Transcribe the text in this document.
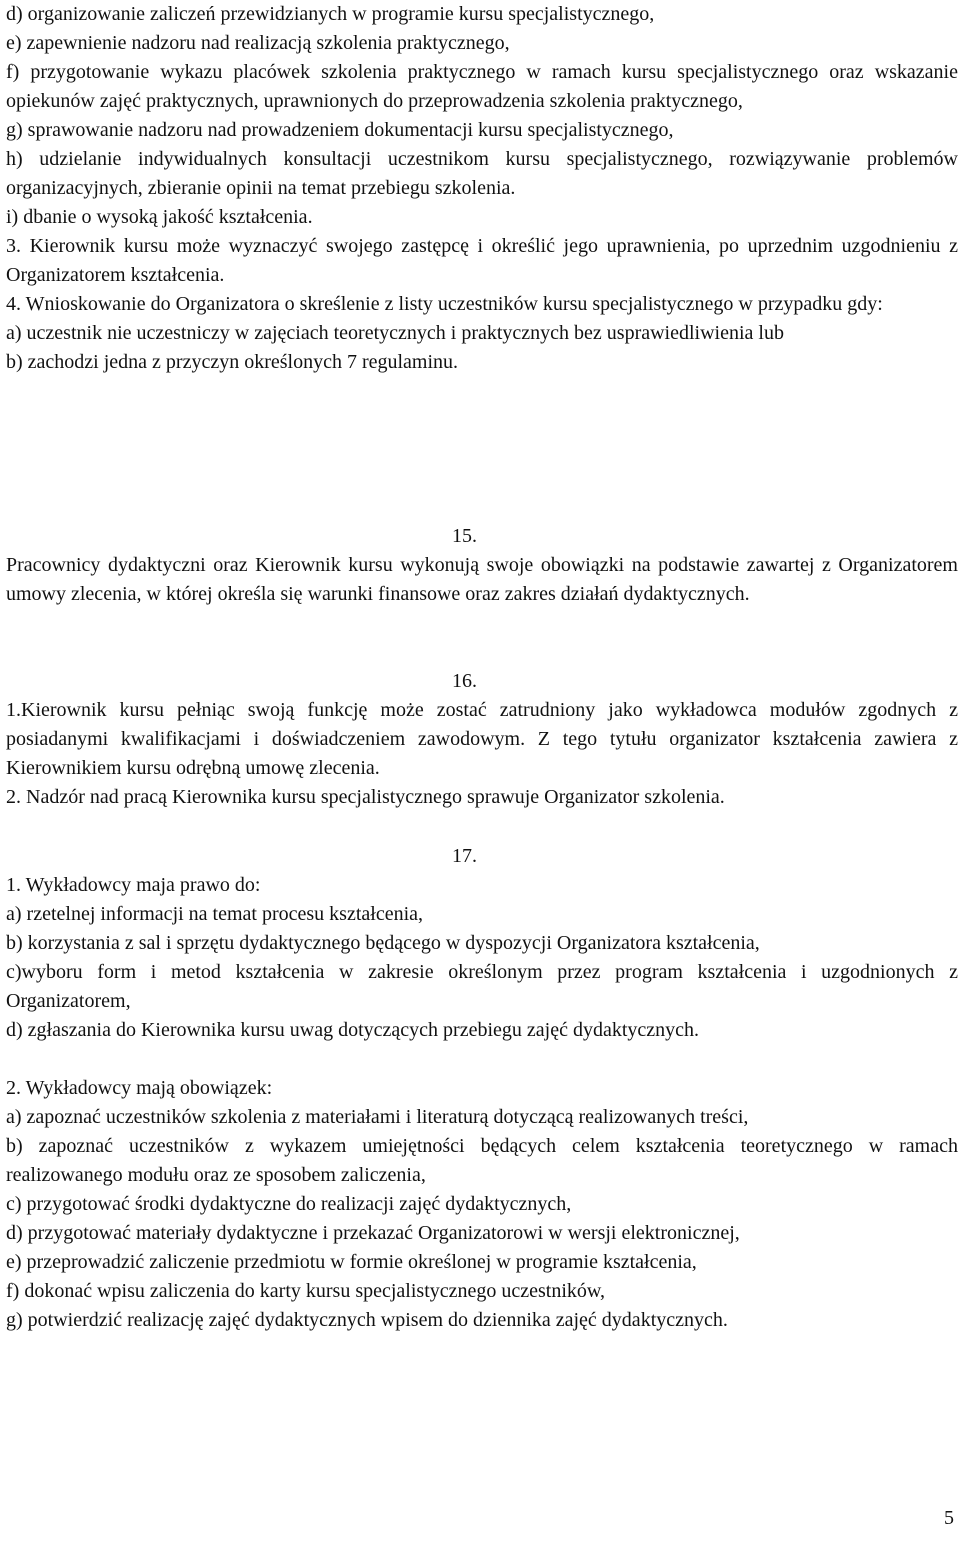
d) organizowanie zaliczeń przewidzianych w programie kursu specjalistycznego,

e) zapewnienie nadzoru nad realizacją szkolenia praktycznego,

f) przygotowanie wykazu placówek szkolenia praktycznego w ramach kursu specjalistycznego oraz wskazanie opiekunów zajęć praktycznych, uprawnionych do przeprowadzenia szkolenia praktycznego,

g) sprawowanie nadzoru nad prowadzeniem dokumentacji kursu specjalistycznego,

h) udzielanie indywidualnych konsultacji uczestnikom kursu specjalistycznego, rozwiązywanie problemów organizacyjnych, zbieranie opinii na temat przebiegu szkolenia.

i) dbanie o wysoką jakość kształcenia.

3. Kierownik kursu może wyznaczyć swojego zastępcę i określić jego uprawnienia, po uprzednim uzgodnieniu z Organizatorem kształcenia.

4. Wnioskowanie do Organizatora o skreślenie z listy uczestników kursu specjalistycznego w przypadku gdy:

a) uczestnik nie uczestniczy w zajęciach teoretycznych i praktycznych bez usprawiedliwienia lub

b) zachodzi jedna z przyczyn określonych 7 regulaminu.

15.

Pracownicy dydaktyczni oraz Kierownik kursu wykonują swoje obowiązki na podstawie zawartej z Organizatorem umowy zlecenia, w której określa się warunki finansowe oraz zakres działań dydaktycznych.

16.

1.Kierownik kursu pełniąc swoją funkcję może zostać zatrudniony jako wykładowca modułów zgodnych z posiadanymi kwalifikacjami i doświadczeniem zawodowym. Z tego tytułu organizator kształcenia zawiera z Kierownikiem kursu odrębną umowę zlecenia.

2. Nadzór nad pracą Kierownika kursu specjalistycznego sprawuje Organizator szkolenia.

17.

1. Wykładowcy maja prawo do:

a) rzetelnej informacji na temat procesu kształcenia,

b) korzystania z sal i sprzętu dydaktycznego będącego w dyspozycji Organizatora kształcenia,

c)wyboru form i metod kształcenia w zakresie określonym przez program kształcenia i uzgodnionych z Organizatorem,

d) zgłaszania do Kierownika kursu uwag dotyczących przebiegu zajęć dydaktycznych.

2. Wykładowcy mają obowiązek:

a) zapoznać uczestników szkolenia z materiałami i literaturą dotyczącą realizowanych treści,

b) zapoznać uczestników z wykazem umiejętności będących celem kształcenia teoretycznego w ramach realizowanego modułu oraz ze sposobem zaliczenia,

c) przygotować środki dydaktyczne do realizacji zajęć dydaktycznych,

d) przygotować materiały dydaktyczne i przekazać Organizatorowi w wersji elektronicznej,

e) przeprowadzić zaliczenie przedmiotu w formie określonej w programie kształcenia,

f) dokonać wpisu zaliczenia do karty kursu specjalistycznego uczestników,

g) potwierdzić realizację zajęć dydaktycznych wpisem do dziennika zajęć dydaktycznych.

5
